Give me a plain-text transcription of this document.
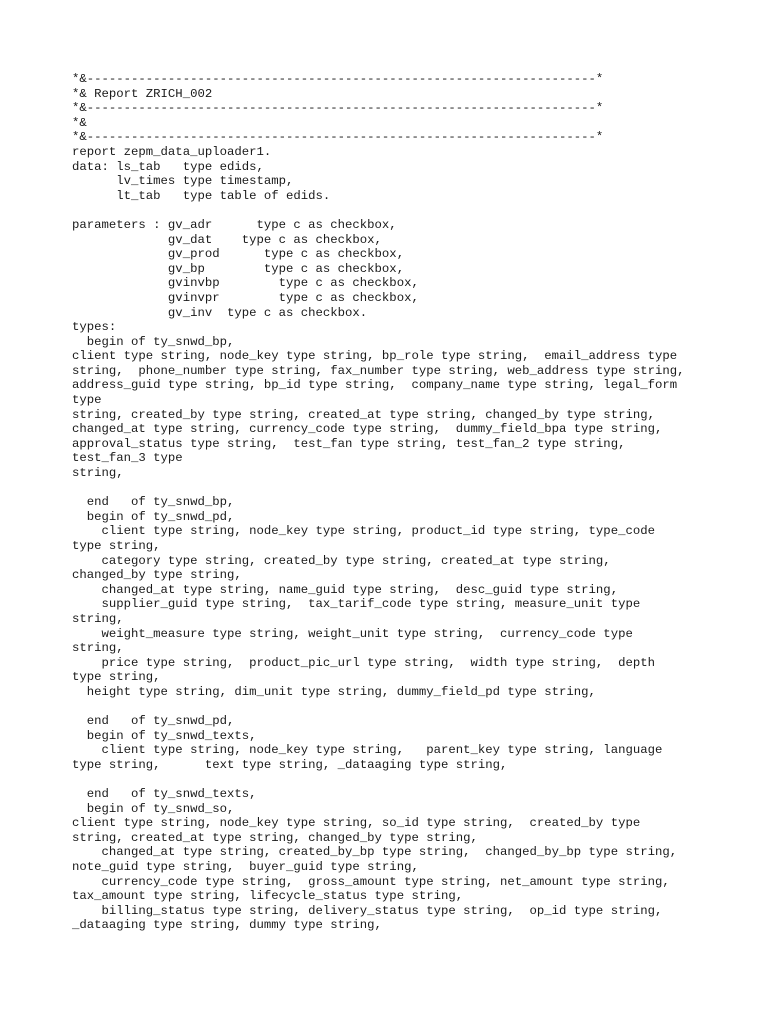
*&---------------------------------------------------------------------*
*& Report ZRICH_002
*&---------------------------------------------------------------------*
*&
*&---------------------------------------------------------------------*
report zepm_data_uploader1.
data: ls_tab   type edids,
lv_times type timestamp,
lt_tab   type table of edids.
parameters : gv_adr      type c as checkbox,
gv_dat    type c as checkbox,
gv_prod      type c as checkbox,
gv_bp        type c as checkbox,
gvinvbp        type c as checkbox,
gvinvpr        type c as checkbox,
gv_inv  type c as checkbox.
types:
begin of ty_snwd_bp,
client type string, node_key type string, bp_role type string,  email_address type
string,  phone_number type string, fax_number type string, web_address type string,
address_guid type string, bp_id type string,  company_name type string, legal_form
type
string, created_by type string, created_at type string, changed_by type string,
changed_at type string, currency_code type string,  dummy_field_bpa type string,
approval_status type string,  test_fan type string, test_fan_2 type string,
test_fan_3 type
string,
end   of ty_snwd_bp,
begin of ty_snwd_pd,
client type string, node_key type string, product_id type string, type_code
type string,
category type string, created_by type string, created_at type string,
changed_by type string,
changed_at type string, name_guid type string,  desc_guid type string,
supplier_guid type string,  tax_tarif_code type string, measure_unit type
string,
weight_measure type string, weight_unit type string,  currency_code type
string,
price type string,  product_pic_url type string,  width type string,  depth
type string,
height type string, dim_unit type string, dummy_field_pd type string,
end   of ty_snwd_pd,
begin of ty_snwd_texts,
client type string, node_key type string,   parent_key type string, language
type string,      text type string, _dataaging type string,
end   of ty_snwd_texts,
begin of ty_snwd_so,
client type string, node_key type string, so_id type string,  created_by type
string, created_at type string, changed_by type string,
changed_at type string, created_by_bp type string,  changed_by_bp type string,
note_guid type string,  buyer_guid type string,
currency_code type string,  gross_amount type string, net_amount type string,
tax_amount type string, lifecycle_status type string,
billing_status type string, delivery_status type string,  op_id type string,
_dataaging type string, dummy type string,
